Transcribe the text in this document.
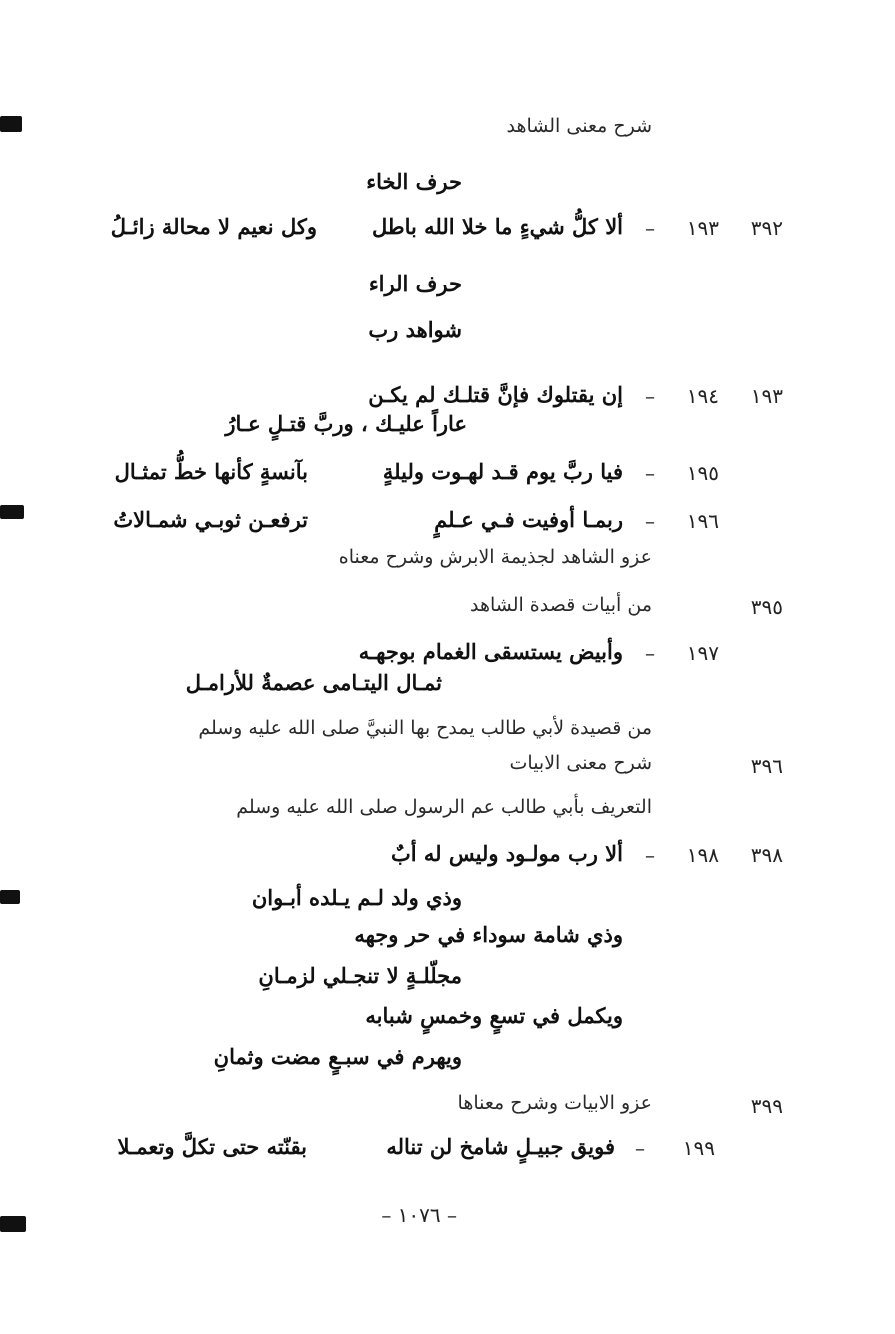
شرح معنى الشاهد
حرف الخاء
٣٩٢
١٩٣
–
ألا كلُّ شيءٍ ما خلا الله باطل
وكل نعيم لا محالة زائـلُ
حرف الراء
شواهد رب
١٩٣
١٩٤
–
إن يقتلوك فإنَّ قتلـك لم يكـن
عاراً عليـك ، وربَّ قتـلٍ عـارُ
١٩٥
–
فيا ربَّ يوم قـد لهـوت وليلةٍ
بآنسةٍ كأنها خطُّ تمثـال
١٩٦
–
ربمـا أوفيت فـي عـلمٍ
ترفعـن ثوبـي شمـالاتُ
عزو الشاهد لجذيمة الابرش وشرح معناه
٣٩٥
من أبيات قصدة الشاهد
١٩٧
–
وأبيض يستسقى الغمام بوجهـه
ثمـال اليتـامى عصمةٌ للأرامـل
من قصيدة لأبي طالب يمدح بها النبيَّ صلى الله عليه وسلم
٣٩٦
شرح معنى الابيات
التعريف بأبي طالب عم الرسول صلى الله عليه وسلم
٣٩٨
١٩٨
–
ألا رب مولـود وليس له أبٌ
وذي ولد لـم يـلده أبـوان
وذي شامة سوداء في حر وجهه
مجلّلـةٍ لا تنجـلي لزمـانِ
ويكمل في تسعٍ وخمسٍ شبابه
ويهرم في سبـعٍ مضت وثمانِ
٣٩٩
عزو الابيات وشرح معناها
١٩٩
–
فويق جبيـلٍ شامخ لن تناله
بقنّته حتى تكلَّ وتعمـلا
– ١٠٧٦ –
